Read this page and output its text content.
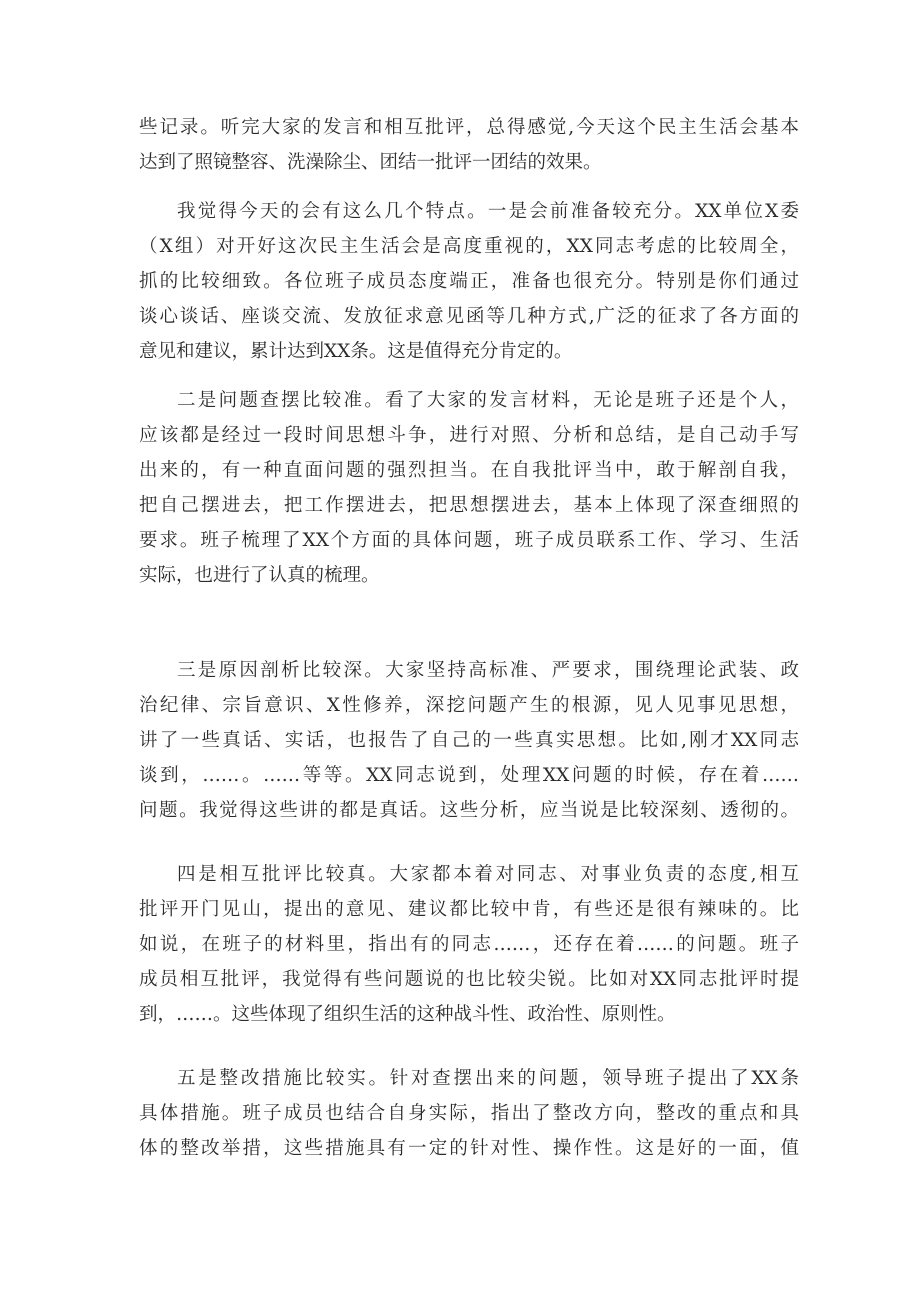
些记录。听完大家的发言和相互批评，总得感觉,今天这个民主生活会基本
达到了照镜整容、洗澡除尘、团结一批评一团结的效果。
我觉得今天的会有这么几个特点。一是会前准备较充分。XX单位X委
（X组）对开好这次民主生活会是高度重视的，XX同志考虑的比较周全，
抓的比较细致。各位班子成员态度端正，准备也很充分。特别是你们通过
谈心谈话、座谈交流、发放征求意见函等几种方式,广泛的征求了各方面的
意见和建议，累计达到XX条。这是值得充分肯定的。
二是问题查摆比较准。看了大家的发言材料，无论是班子还是个人，
应该都是经过一段时间思想斗争，进行对照、分析和总结，是自己动手写
出来的，有一种直面问题的强烈担当。在自我批评当中，敢于解剖自我，
把自己摆进去，把工作摆进去，把思想摆进去，基本上体现了深查细照的
要求。班子梳理了XX个方面的具体问题，班子成员联系工作、学习、生活
实际，也进行了认真的梳理。
三是原因剖析比较深。大家坚持高标准、严要求，围绕理论武装、政
治纪律、宗旨意识、X性修养，深挖问题产生的根源，见人见事见思想，
讲了一些真话、实话，也报告了自己的一些真实思想。比如,刚才XX同志
谈到，……。……等等。XX同志说到，处理XX问题的时候，存在着……
问题。我觉得这些讲的都是真话。这些分析，应当说是比较深刻、透彻的。
四是相互批评比较真。大家都本着对同志、对事业负责的态度,相互
批评开门见山，提出的意见、建议都比较中肯，有些还是很有辣味的。比
如说，在班子的材料里，指出有的同志……，还存在着……的问题。班子
成员相互批评，我觉得有些问题说的也比较尖锐。比如对XX同志批评时提
到，……。这些体现了组织生活的这种战斗性、政治性、原则性。
五是整改措施比较实。针对查摆出来的问题，领导班子提出了XX条
具体措施。班子成员也结合自身实际，指出了整改方向，整改的重点和具
体的整改举措，这些措施具有一定的针对性、操作性。这是好的一面，值
